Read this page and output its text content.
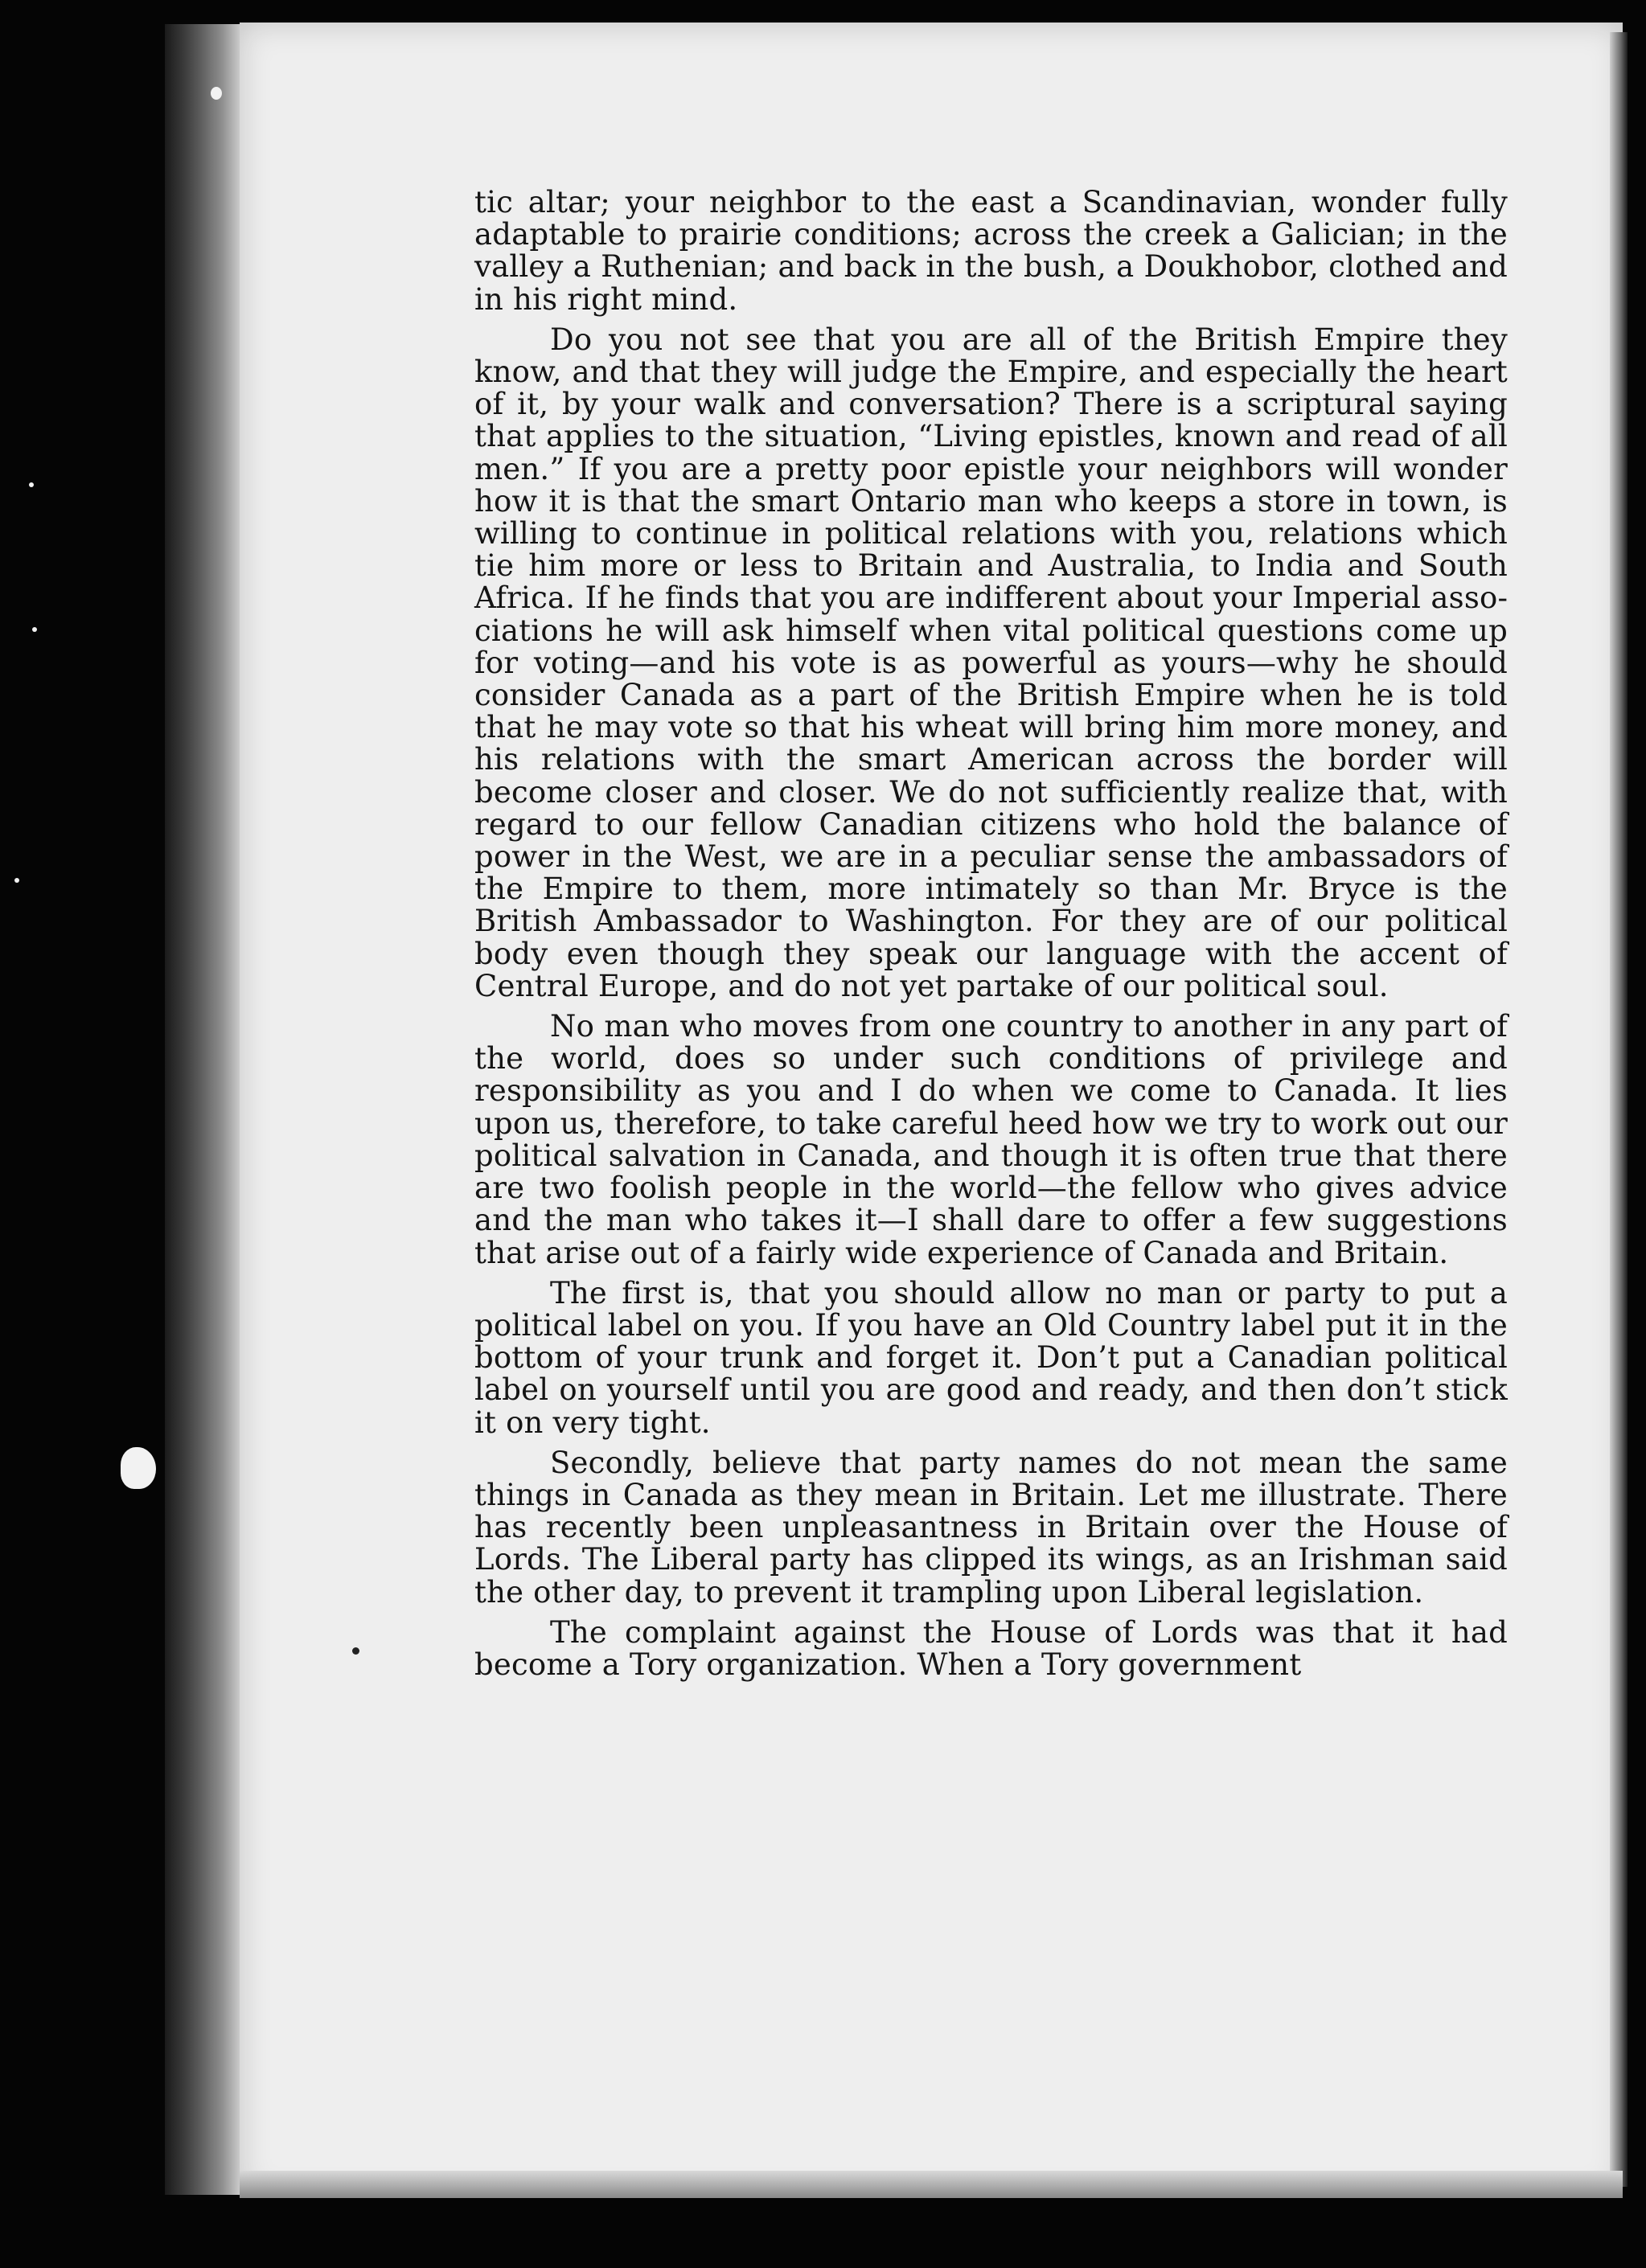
tic altar; your neighbor to the east a Scandinavian, wonder fully adaptable to prairie conditions; across the creek a Galician; in the valley a Ruthenian; and back in the bush, a Doukhobor, clothed and in his right mind.

Do you not see that you are all of the British Empire they know, and that they will judge the Empire, and especially the heart of it, by your walk and conversation? There is a scriptural saying that applies to the situation, “Living epistles, known and read of all men.” If you are a pretty poor epistle your neighbors will wonder how it is that the smart Ontario man who keeps a store in town, is willing to continue in political relations with you, relations which tie him more or less to Britain and Australia, to India and South Africa. If he finds that you are indifferent about your Imperial associations he will ask himself when vital political questions come up for voting—and his vote is as powerful as yours—why he should consider Canada as a part of the British Empire when he is told that he may vote so that his wheat will bring him more money, and his relations with the smart American across the border will become closer and closer. We do not sufficiently realize that, with regard to our fellow Canadian citizens who hold the balance of power in the West, we are in a peculiar sense the ambassadors of the Empire to them, more intimately so than Mr. Bryce is the British Ambassador to Washington. For they are of our political body even though they speak our language with the accent of Central Europe, and do not yet partake of our political soul.

No man who moves from one country to another in any part of the world, does so under such conditions of privilege and responsibility as you and I do when we come to Canada. It lies upon us, therefore, to take careful heed how we try to work out our political salvation in Canada, and though it is often true that there are two foolish people in the world—the fellow who gives advice and the man who takes it—I shall dare to offer a few suggestions that arise out of a fairly wide experience of Canada and Britain.

The first is, that you should allow no man or party to put a political label on you. If you have an Old Country label put it in the bottom of your trunk and forget it. Don’t put a Canadian political label on yourself until you are good and ready, and then don’t stick it on very tight.

Secondly, believe that party names do not mean the same things in Canada as they mean in Britain. Let me illustrate. There has recently been unpleasantness in Britain over the House of Lords. The Liberal party has clipped its wings, as an Irishman said the other day, to prevent it trampling upon Liberal legislation.

The complaint against the House of Lords was that it had become a Tory organization. When a Tory government
